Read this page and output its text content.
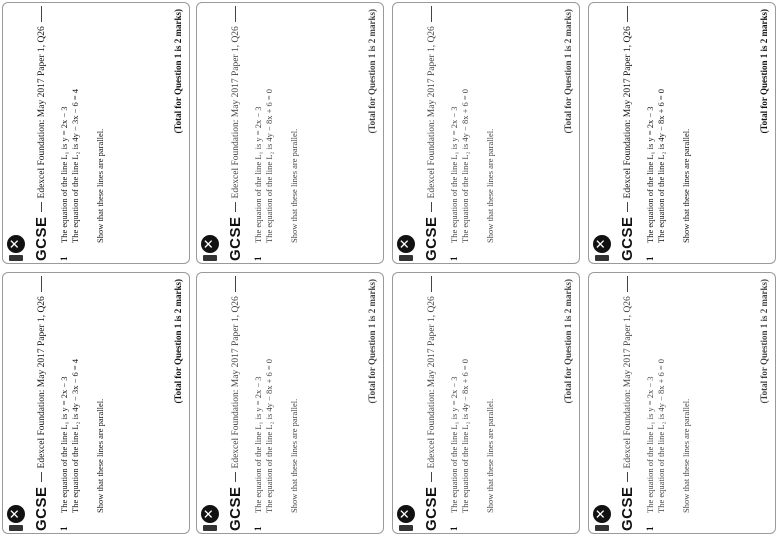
✕
GCSE
Edexcel Foundation: May 2017 Paper 1, Q26
1
The equation of the line L₁ is y = 2x − 3 The equation of the line L₂ is 4y − 3x − 6 = 4 Show that these lines are parallel.
(Total for Question 1 is 2 marks)
✕
GCSE
Edexcel Foundation: May 2017 Paper 1, Q26
1
The equation of the line L₁ is y = 2x − 3 The equation of the line L₂ is 4y − 8x + 6 = 0 Show that these lines are parallel.
(Total for Question 1 is 2 marks)
✕
GCSE
Edexcel Foundation: May 2017 Paper 1, Q26
1
The equation of the line L₁ is y = 2x − 3 The equation of the line L₂ is 4y − 8x + 6 = 0 Show that these lines are parallel.
(Total for Question 1 is 2 marks)
✕
GCSE
Edexcel Foundation: May 2017 Paper 1, Q26
1
The equation of the line L₁ is y = 2x − 3 The equation of the line L₂ is 4y − 8x + 6 = 0 Show that these lines are parallel.
(Total for Question 1 is 2 marks)
✕
GCSE
Edexcel Foundation: May 2017 Paper 1, Q26
1
The equation of the line L₁ is y = 2x − 3 The equation of the line L₂ is 4y − 3x − 6 = 4 Show that these lines are parallel.
(Total for Question 1 is 2 marks)
✕
GCSE
Edexcel Foundation: May 2017 Paper 1, Q26
1
The equation of the line L₁ is y = 2x − 3 The equation of the line L₂ is 4y − 8x + 6 = 0 Show that these lines are parallel.
(Total for Question 1 is 2 marks)
✕
GCSE
Edexcel Foundation: May 2017 Paper 1, Q26
1
The equation of the line L₁ is y = 2x − 3 The equation of the line L₂ is 4y − 8x + 6 = 0 Show that these lines are parallel.
(Total for Question 1 is 2 marks)
✕
GCSE
Edexcel Foundation: May 2017 Paper 1, Q26
1
The equation of the line L₁ is y = 2x − 3 The equation of the line L₂ is 4y − 8x + 6 = 0 Show that these lines are parallel.
(Total for Question 1 is 2 marks)
